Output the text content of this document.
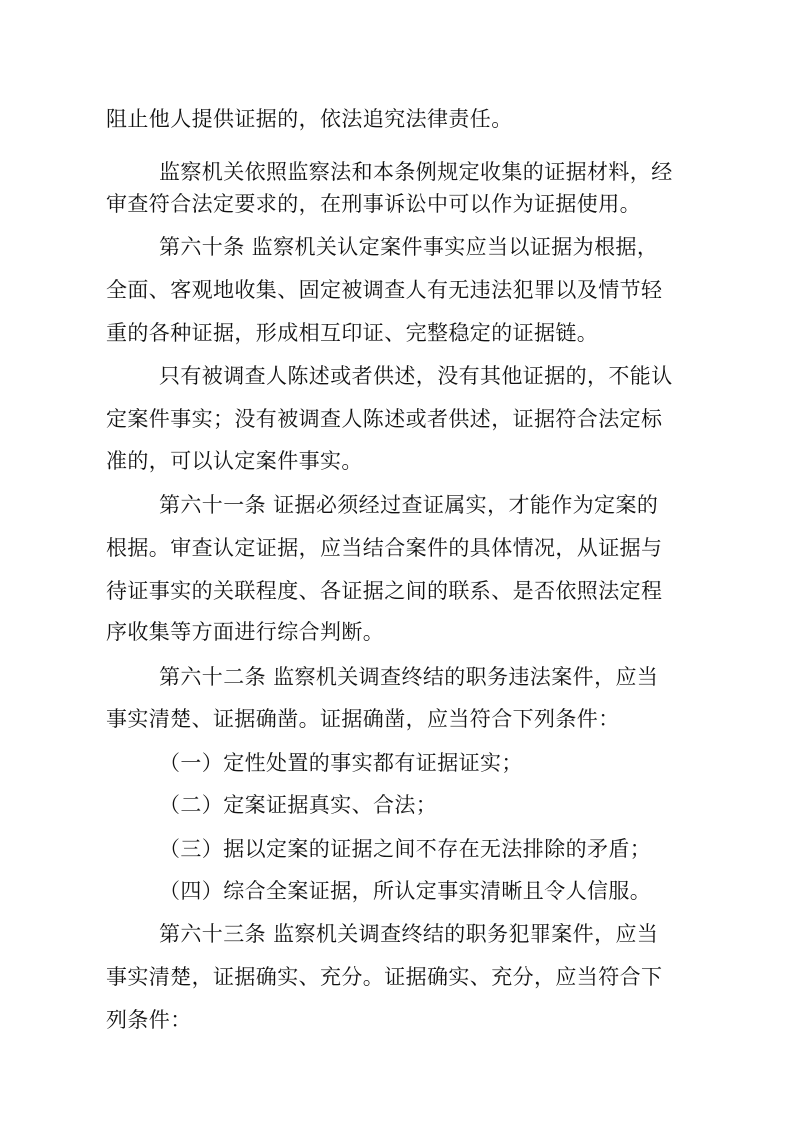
阻止他人提供证据的，依法追究法律责任。
监察机关依照监察法和本条例规定收集的证据材料，经
审查符合法定要求的，在刑事诉讼中可以作为证据使用。
第六十条 监察机关认定案件事实应当以证据为根据，
全面、客观地收集、固定被调查人有无违法犯罪以及情节轻
重的各种证据，形成相互印证、完整稳定的证据链。
只有被调查人陈述或者供述，没有其他证据的，不能认
定案件事实；没有被调查人陈述或者供述，证据符合法定标
准的，可以认定案件事实。
第六十一条 证据必须经过查证属实，才能作为定案的
根据。审查认定证据，应当结合案件的具体情况，从证据与
待证事实的关联程度、各证据之间的联系、是否依照法定程
序收集等方面进行综合判断。
第六十二条 监察机关调查终结的职务违法案件，应当
事实清楚、证据确凿。证据确凿，应当符合下列条件：
（一）定性处置的事实都有证据证实；
（二）定案证据真实、合法；
（三）据以定案的证据之间不存在无法排除的矛盾；
（四）综合全案证据，所认定事实清晰且令人信服。
第六十三条 监察机关调查终结的职务犯罪案件，应当
事实清楚，证据确实、充分。证据确实、充分，应当符合下
列条件：
